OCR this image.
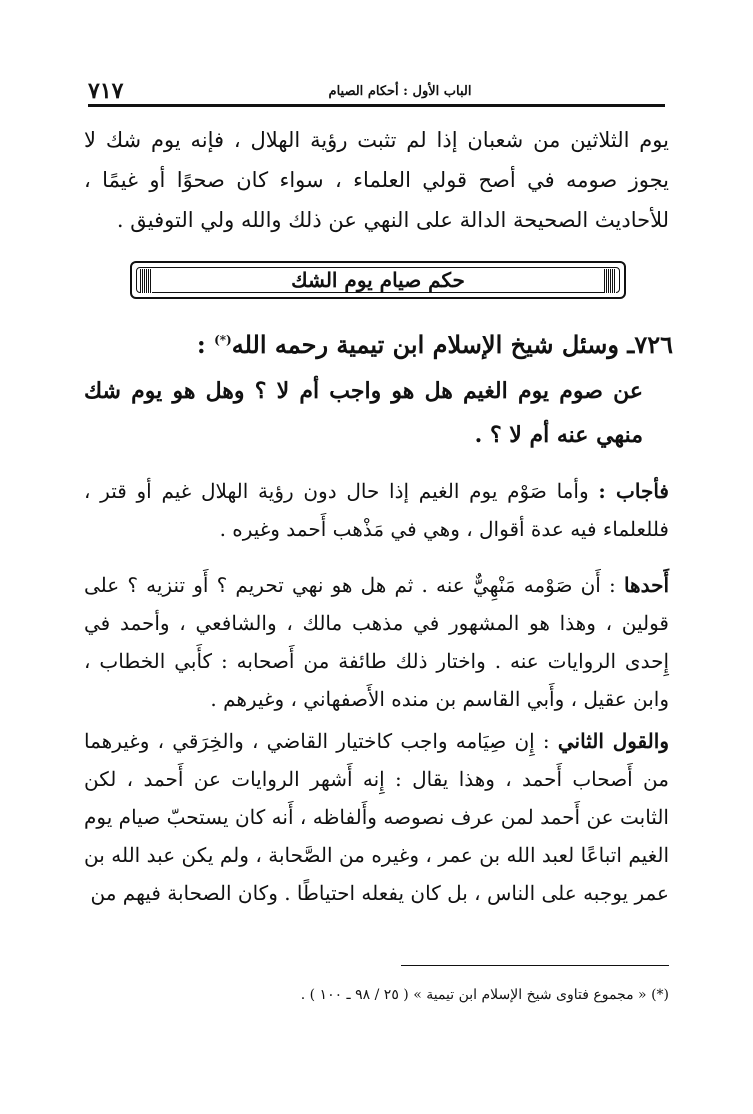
٧١٧	الباب الأول : أحكام الصيام
يوم الثلاثين من شعبان إذا لم تثبت رؤية الهلال ، فإنه يوم شك لا يجوز صومه في أصح قولي العلماء ، سواء كان صحوًا أو غيمًا ، للأحاديث الصحيحة الدالة على النهي عن ذلك والله ولي التوفيق .
حكم صيام يوم الشك
٧٢٦ـ وسئل شيخ الإسلام ابن تيمية رحمه الله(*) :
عن صوم يوم الغيم هل هو واجب أم لا ؟ وهل هو يوم شك منهي عنه أم لا ؟ .
فأجاب : وأما صَوْم يوم الغيم إذا حال دون رؤية الهلال غيم أو قتر ، فللعلماء فيه عدة أقوال ، وهي في مَذْهب أَحمد وغيره .
أَحدها : أَن صَوْمه مَنْهِيٌّ عنه . ثم هل هو نهي تحريم ؟ أَو تنزيه ؟ على قولين ، وهذا هو المشهور في مذهب مالك ، والشافعي ، وأحمد في إِحدى الروايات عنه . واختار ذلك طائفة من أَصحابه : كأَبي الخطاب ، وابن عقيل ، وأَبي القاسم بن منده الأَصفهاني ، وغيرهم .
والقول الثاني : إِن صِيَامه واجب كاختيار القاضي ، والخِرَقي ، وغيرهما من أَصحاب أَحمد ، وهذا يقال : إِنه أَشهر الروايات عن أَحمد ، لكن الثابت عن أَحمد لمن عرف نصوصه وأَلفاظه ، أَنه كان يستحبّ صيام يوم الغيم اتباعًا لعبد الله بن عمر ، وغيره من الصَّحابة ، ولم يكن عبد الله بن عمر يوجبه على الناس ، بل كان يفعله احتياطًا . وكان الصحابة فيهم من
(*) « مجموع فتاوى شيخ الإسلام ابن تيمية » ( ٢٥ / ٩٨ ـ ١٠٠ ) .
